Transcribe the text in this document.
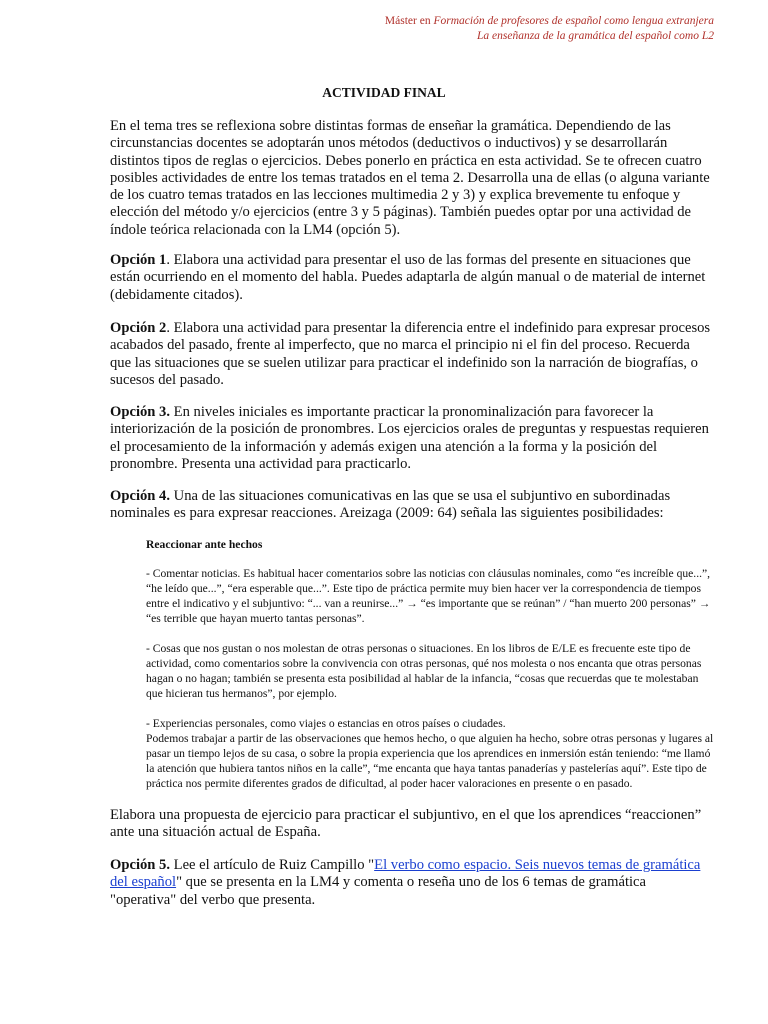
Máster en Formación de profesores de español como lengua extranjera
La enseñanza de la gramática del español como L2
ACTIVIDAD FINAL

En el tema tres se reflexiona sobre distintas formas de enseñar la gramática. Dependiendo de las circunstancias docentes se adoptarán unos métodos (deductivos o inductivos) y se desarrollarán distintos tipos de reglas o ejercicios. Debes ponerlo en práctica en esta actividad. Se te ofrecen cuatro posibles actividades de entre los temas tratados en el tema 2. Desarrolla una de ellas (o alguna variante de los cuatro temas tratados en las lecciones multimedia 2 y 3) y explica brevemente tu enfoque y elección del método y/o ejercicios (entre 3 y 5 páginas). También puedes optar por una actividad de índole teórica relacionada con la LM4 (opción 5).

Opción 1. Elabora una actividad para presentar el uso de las formas del presente en situaciones que están ocurriendo en el momento del habla. Puedes adaptarla de algún manual o de material de internet (debidamente citados).

Opción 2. Elabora una actividad para presentar la diferencia entre el indefinido para expresar procesos acabados del pasado, frente al imperfecto, que no marca el principio ni el fin del proceso. Recuerda que las situaciones que se suelen utilizar para practicar el indefinido son la narración de biografías, o sucesos del pasado.

Opción 3. En niveles iniciales es importante practicar la pronominalización para favorecer la interiorización de la posición de pronombres. Los ejercicios orales de preguntas y respuestas requieren el procesamiento de la información y además exigen una atención a la forma y la posición del pronombre. Presenta una actividad para practicarlo.

Opción 4. Una de las situaciones comunicativas en las que se usa el subjuntivo en subordinadas nominales es para expresar reacciones. Areizaga (2009: 64) señala las siguientes posibilidades:

Reaccionar ante hechos

- Comentar noticias. Es habitual hacer comentarios sobre las noticias con cláusulas nominales, como “es increíble que...”, “he leído que...”, “era esperable que...”. Este tipo de práctica permite muy bien hacer ver la correspondencia de tiempos entre el indicativo y el subjuntivo: “... van a reunirse...” → “es importante que se reúnan” / “han muerto 200 personas” → “es terrible que hayan muerto tantas personas”.

- Cosas que nos gustan o nos molestan de otras personas o situaciones. En los libros de E/LE es frecuente este tipo de actividad, como comentarios sobre la convivencia con otras personas, qué nos molesta o nos encanta que otras personas hagan o no hagan; también se presenta esta posibilidad al hablar de la infancia, “cosas que recuerdas que te molestaban que hicieran tus hermanos”, por ejemplo.

- Experiencias personales, como viajes o estancias en otros países o ciudades.

Podemos trabajar a partir de las observaciones que hemos hecho, o que alguien ha hecho, sobre otras personas y lugares al pasar un tiempo lejos de su casa, o sobre la propia experiencia que los aprendices en inmersión están teniendo: “me llamó la atención que hubiera tantos niños en la calle”, “me encanta que haya tantas panaderías y pastelerías aquí”. Este tipo de práctica nos permite diferentes grados de dificultad, al poder hacer valoraciones en presente o en pasado.

Elabora una propuesta de ejercicio para practicar el subjuntivo, en el que los aprendices “reaccionen” ante una situación actual de España.

Opción 5. Lee el artículo de Ruiz Campillo "El verbo como espacio. Seis nuevos temas de gramática del español" que se presenta en la LM4 y comenta o reseña uno de los 6 temas de gramática "operativa" del verbo que presenta.
